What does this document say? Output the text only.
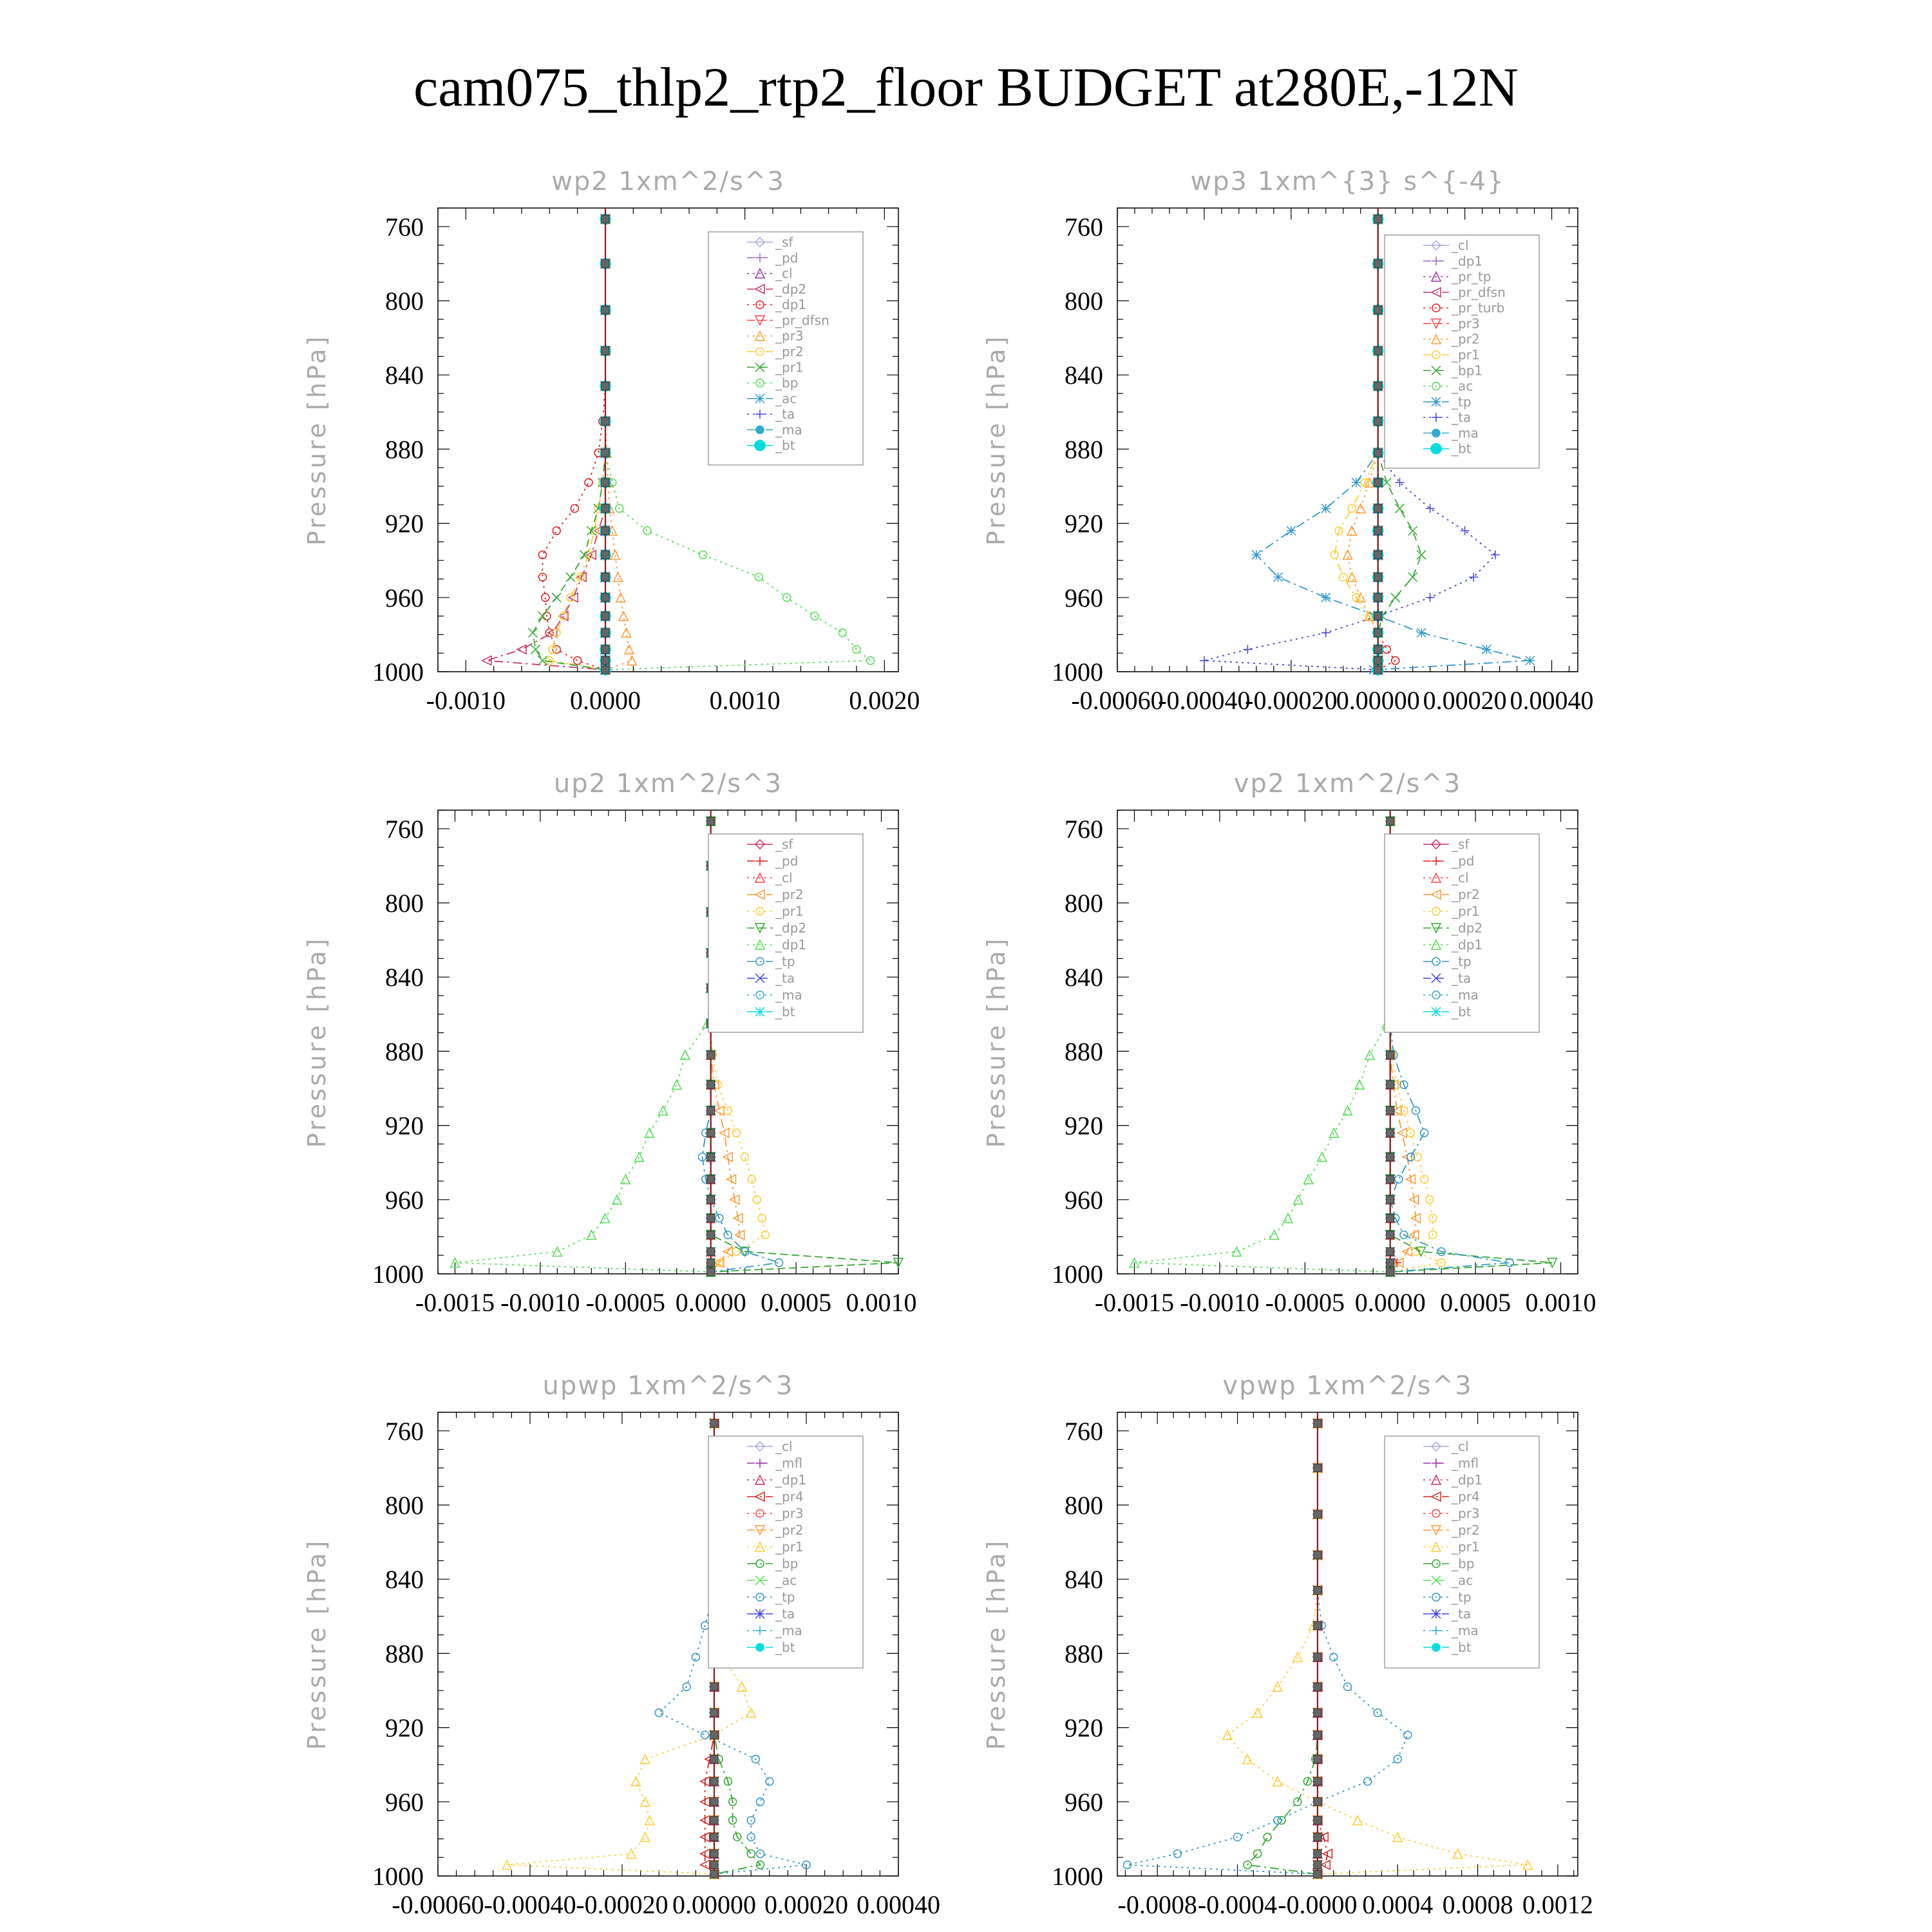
cam075_thlp2_rtp2_floor BUDGET at280E,-12N
wp2 1xm^2/s^3
Pressure [hPa]
760
800
840
880
920
960
1000
-0.0010	0.0000	0.0010	0.0020
_sf
_pd
_cl
_dp2
_dp1
_pr_dfsn
_pr3
_pr2
_pr1
_bp
_ac
_ta
_ma
_bt
wp3 1xm^{3} s^{-4}
Pressure [hPa]
760
800
840
880
920
960
1000
-0.00060
-0.00040
-0.00020
0.00000 0.00020 0.00040
_cl
_dp1
_pr_tp
_pr_dfsn
_pr_turb
_pr3
_pr2
_pr1
_bp1
_ac
_tp
_ta
_ma
_bt
up2 1xm^2/s^3
Pressure [hPa]
760
800
840
880
920
960
1000
-0.0015 -0.0010 -0.0005 0.0000 0.0005 0.0010
_sf
_pd
_cl
_pr2
_pr1
_dp2
_dp1
_tp
_ta
_ma
_bt
vp2 1xm^2/s^3
Pressure [hPa]
760
800
840
880
920
960
1000
-0.0015 -0.0010 -0.0005 0.0000 0.0005 0.0010
_sf
_pd
_cl
_pr2
_pr1
_dp2
_dp1
_tp
_ta
_ma
_bt
upwp 1xm^2/s^3
Pressure [hPa]
760
800
840
880
920
960
1000
-0.00060 -0.00040 -0.00020 0.00000 0.00020 0.00040
_cl
_mfl
_dp1
_pr4
_pr3
_pr2
_pr1
_bp
_ac
_tp
_ta
_ma
_bt
vpwp 1xm^2/s^3
Pressure [hPa]
760
800
840
880
920
960
1000
-0.0008 -0.0004 -0.0000 0.0004 0.0008 0.0012
_cl
_mfl
_dp1
_pr4
_pr3
_pr2
_pr1
_bp
_ac
_tp
_ta
_ma
_bt
